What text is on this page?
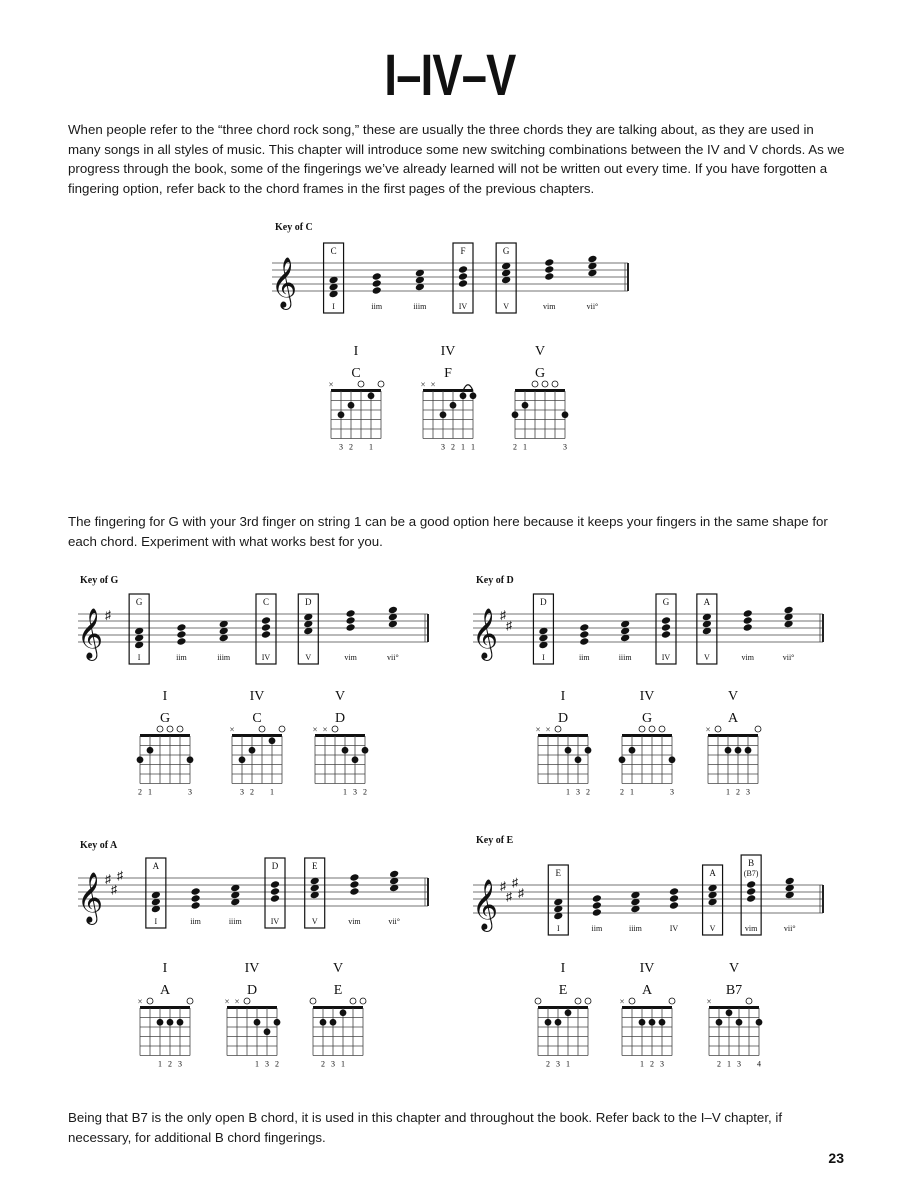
I–IV–V
When people refer to the “three chord rock song,” these are usually the three chords they are talking about, as they are used in many songs in all styles of music. This chapter will introduce some new switching combinations between the IV and V chords. As we progress through the book, some of the fingerings we’ve already learned will not be written out every time. If you have forgotten a fingering option, refer back to the chord frames in the first pages of the previous chapters.
The fingering for G with your 3rd finger on string 1 can be a good option here because it keeps your fingers in the same shape for each chord. Experiment with what works best for you.
Being that B7 is the only open B chord, it is used in this chapter and throughout the book. Refer back to the I–V chapter, if necessary, for additional B chord fingerings.
23
Key of C
𝄞
C
I	iim	iiim
F
IV
G
V	vim	vii°
I
C
×
3 2 1
IV
F
× ×
3 2 1 1
V
G
2 1	3
Key of G
𝄞 ♯
G
I	iim	iiim
C
IV
D
V	vim	vii°
I
G
2 1	3
IV
C
×
3 2 1
V
D
× ×
1 3 2
Key of D
𝄞 ♯
♯
D
I	iim	iiim
G
IV
A
V	vim	vii°
I
D
× ×
1 3 2
IV
G
2 1	3
V
A
×
1 2 3
Key of A
𝄞 ♯
♯
♯
A
I	iim	iiim
D
IV
E
V	vim	vii°
I
A
×
1 2 3
IV
D
× ×
1 3 2
V
E
2 3 1
Key of E
𝄞 ♯
♯
♯
♯
E
I	iim	iiim	IV
A
V
B
(B7)
vim	vii°
I
E
2 3 1
IV
A
×
1 2 3
V
B7
×
2 1 3 4
